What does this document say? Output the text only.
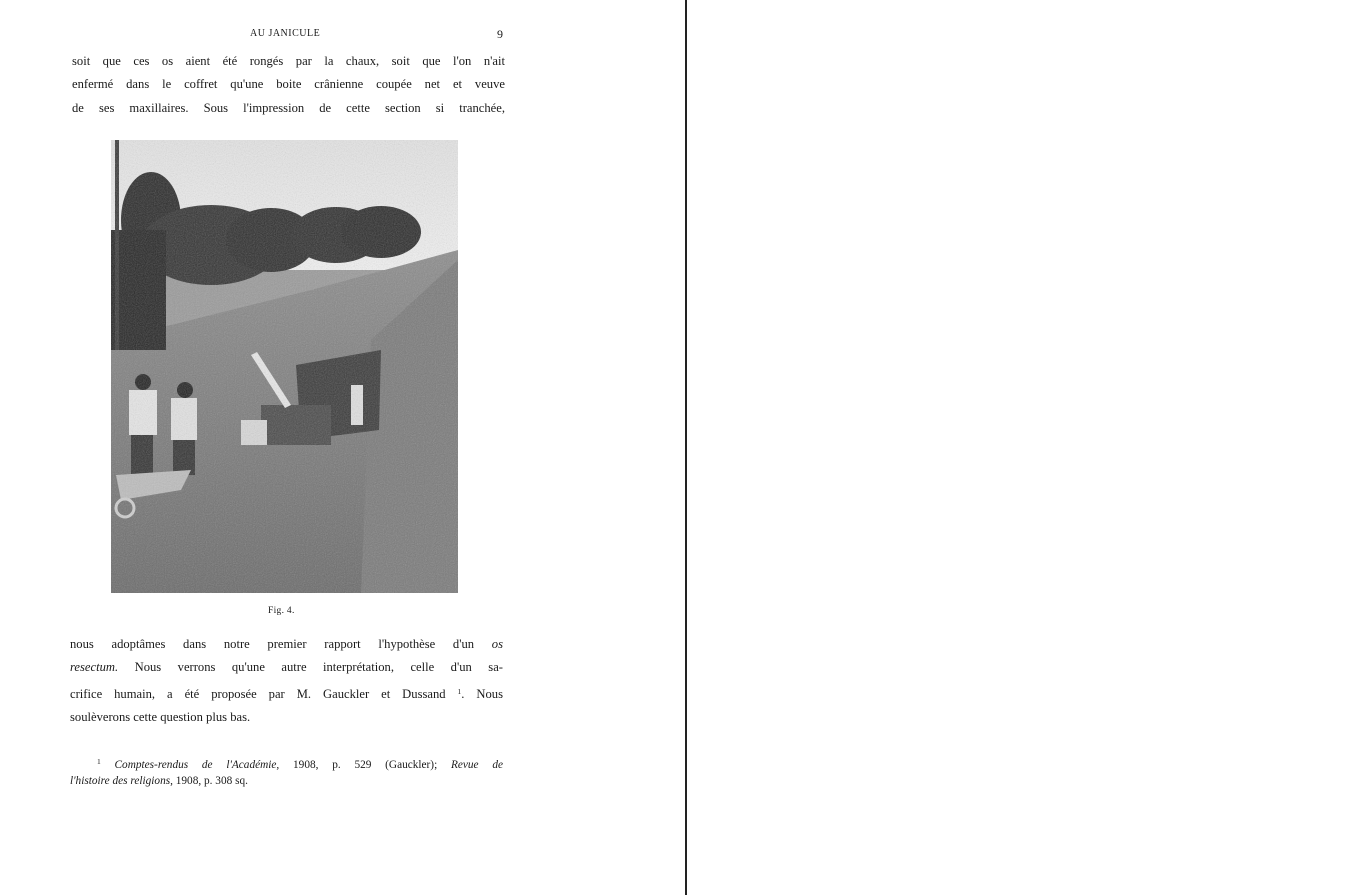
AU JANICULE	9
soit que ces os aient été rongés par la chaux, soit que l'on n'ait
enfermé dans le coffret qu'une boite crânienne coupée net et veuve
de ses maxillaires. Sous l'impression de cette section si tranchée,
Fig. 4.
nous adoptâmes dans notre premier rapport l'hypothèse d'un os
resectum. Nous verrons qu'une autre interprétation, celle d'un sa-
crifice humain, a été proposée par M. Gauckler et Dussand $^1$. Nous
soulèverons cette question plus bas.
$^1$ Comptes-rendus de l'Académie, 1908, p. 529 (Gauckler); Revue de
l'histoire des religions, 1908, p. 308 sq.
